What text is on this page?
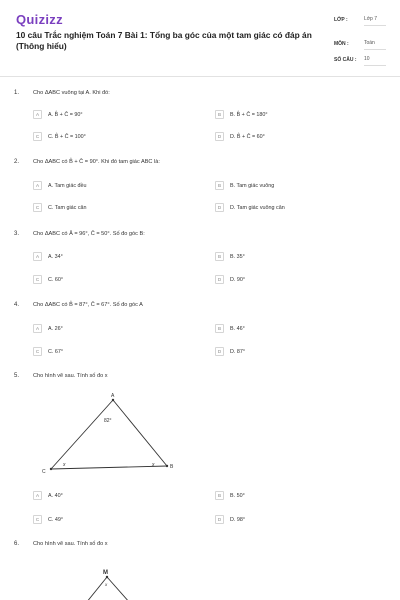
Quizizz
10 câu Trắc nghiệm Toán 7 Bài 1: Tổng ba góc của một tam giác có đáp án (Thông hiểu)
LỚP :	Lớp 7
MÔN :	Toán
SỐ CÂU : 10
1. Cho ΔABC vuông tại A. Khi đó:
A	A. B̂ + Ĉ = 90°	B	B. B̂ + Ĉ = 180°
C	C. B̂ + Ĉ = 100°	D	D. B̂ + Ĉ = 60°
2. Cho ΔABC có B̂ + Ĉ = 90°. Khi đó tam giác ABC là:
A	A. Tam giác đều	B	B. Tam giác vuông
C	C. Tam giác cân	D	D. Tam giác vuông cân
3. Cho ΔABC có Â = 96°, Ĉ = 50°. Số đo góc B:
A	A. 34°	B	B. 35°
C	C. 60°	D	D. 90°
4. Cho ΔABC có B̂ = 87°, Ĉ = 67°. Số đo góc A
A	A. 26°	B	B. 46°
C	C. 67°	D	D. 87°
5. Cho hình vẽ sau. Tính số đo x
A
B
C
82°
x
x
A	A. 40°	B	B. 50°
C	C. 49°	D	D. 98°
6. Cho hình vẽ sau. Tính số đo x
M
x
